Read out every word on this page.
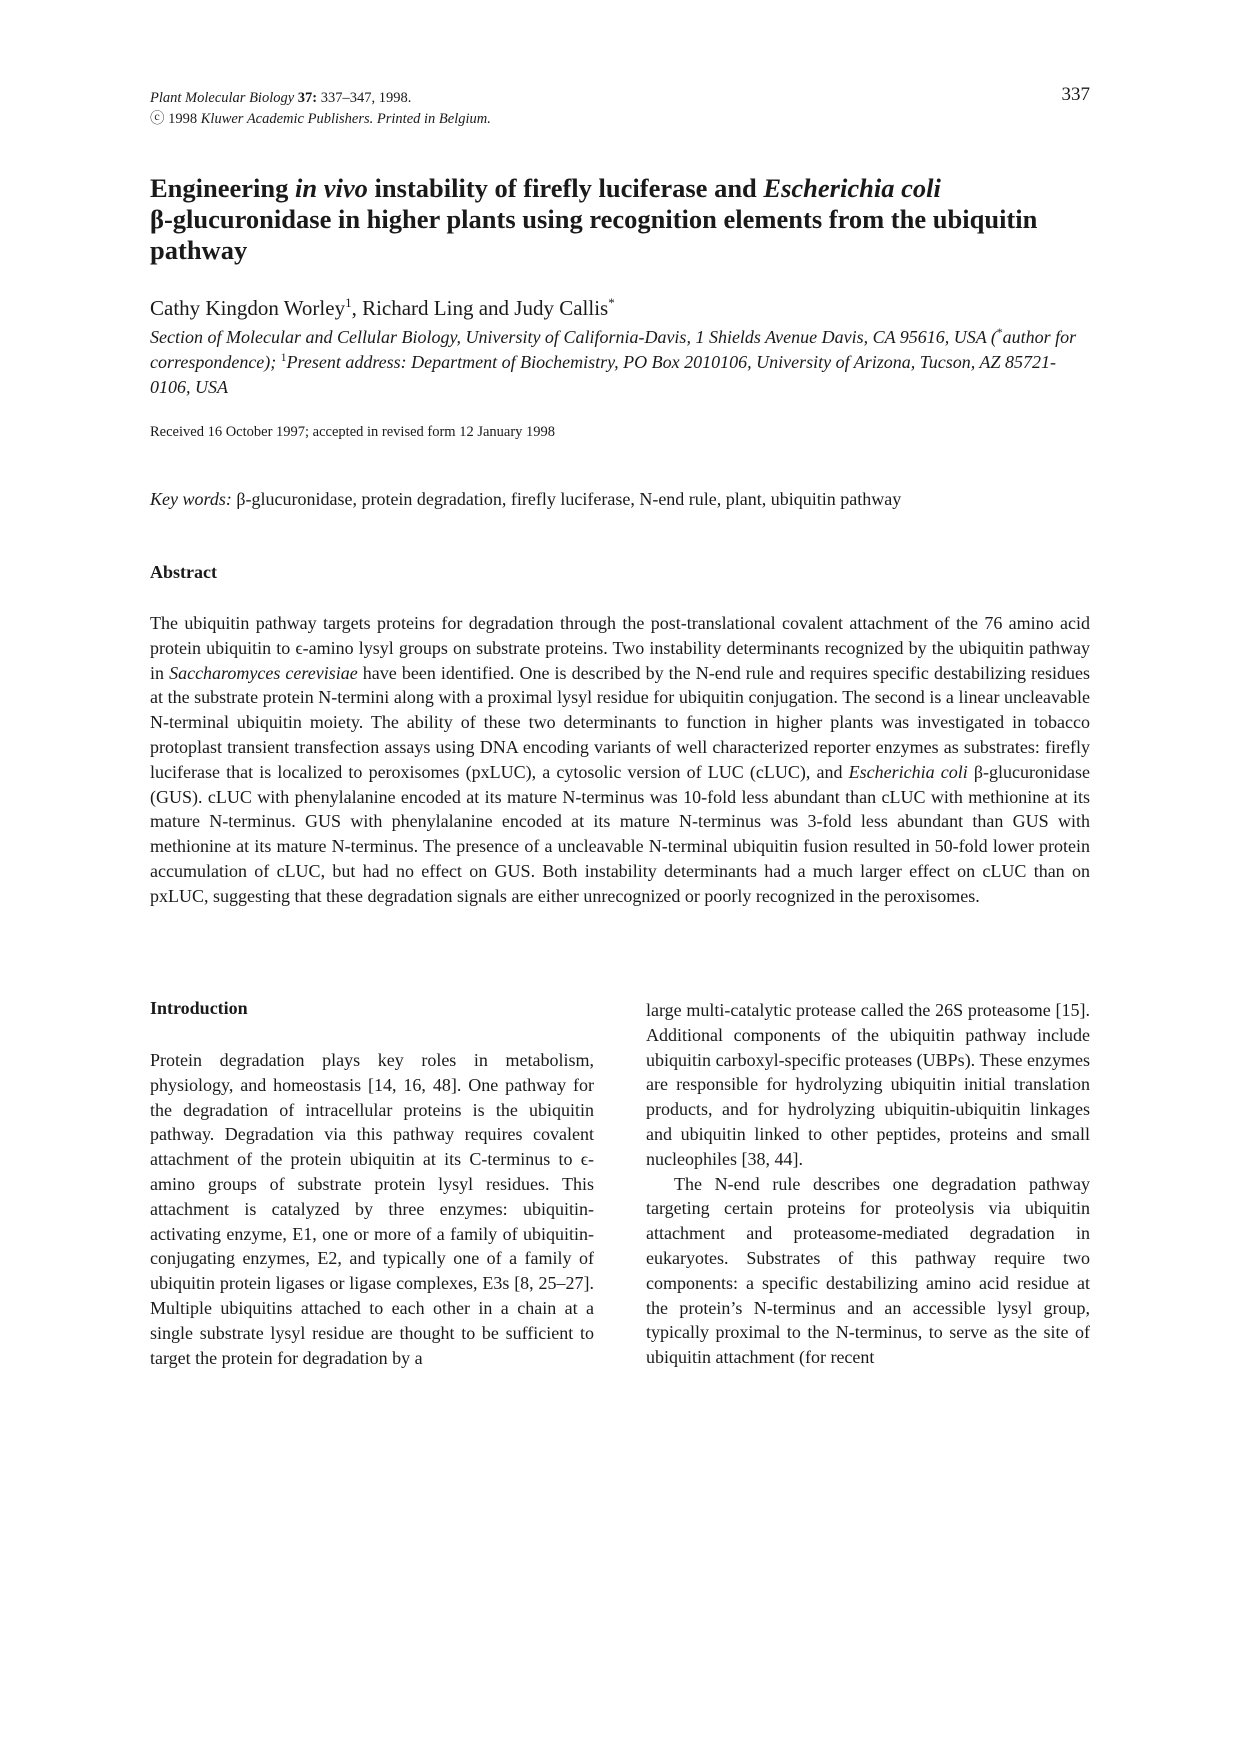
Plant Molecular Biology 37: 337–347, 1998.
ⓒ 1998 Kluwer Academic Publishers. Printed in Belgium.
337
Engineering in vivo instability of firefly luciferase and Escherichia coli
β-glucuronidase in higher plants using recognition elements from the ubiquitin pathway
Cathy Kingdon Worley$^1$, Richard Ling and Judy Callis*
Section of Molecular and Cellular Biology, University of California-Davis, 1 Shields Avenue Davis, CA 95616, USA (*author for correspondence); $^1$Present address: Department of Biochemistry, PO Box 2010106, University of Arizona, Tucson, AZ 85721-0106, USA
Received 16 October 1997; accepted in revised form 12 January 1998
Key words: β-glucuronidase, protein degradation, firefly luciferase, N-end rule, plant, ubiquitin pathway
Abstract
The ubiquitin pathway targets proteins for degradation through the post-translational covalent attachment of the 76 amino acid protein ubiquitin to ϵ-amino lysyl groups on substrate proteins. Two instability determinants recognized by the ubiquitin pathway in Saccharomyces cerevisiae have been identified. One is described by the N-end rule and requires specific destabilizing residues at the substrate protein N-termini along with a proximal lysyl residue for ubiquitin conjugation. The second is a linear uncleavable N-terminal ubiquitin moiety. The ability of these two determinants to function in higher plants was investigated in tobacco protoplast transient transfection assays using DNA encoding variants of well characterized reporter enzymes as substrates: firefly luciferase that is localized to peroxisomes (pxLUC), a cytosolic version of LUC (cLUC), and Escherichia coli β-glucuronidase (GUS). cLUC with phenylalanine encoded at its mature N-terminus was 10-fold less abundant than cLUC with methionine at its mature N-terminus. GUS with phenylalanine encoded at its mature N-terminus was 3-fold less abundant than GUS with methionine at its mature N-terminus. The presence of a uncleavable N-terminal ubiquitin fusion resulted in 50-fold lower protein accumulation of cLUC, but had no effect on GUS. Both instability determinants had a much larger effect on cLUC than on pxLUC, suggesting that these degradation signals are either unrecognized or poorly recognized in the peroxisomes.
Introduction

Protein degradation plays key roles in metabolism, physiology, and homeostasis [14, 16, 48]. One pathway for the degradation of intracellular proteins is the ubiquitin pathway. Degradation via this pathway requires covalent attachment of the protein ubiquitin at its C-terminus to ϵ-amino groups of substrate protein lysyl residues. This attachment is catalyzed by three enzymes: ubiquitin-activating enzyme, E1, one or more of a family of ubiquitin-conjugating enzymes, E2, and typically one of a family of ubiquitin protein ligases or ligase complexes, E3s [8, 25–27]. Multiple ubiquitins attached to each other in a chain at a single substrate lysyl residue are thought to be sufficient to target the protein for degradation by a

large multi-catalytic protease called the 26S proteasome [15]. Additional components of the ubiquitin pathway include ubiquitin carboxyl-specific proteases (UBPs). These enzymes are responsible for hydrolyzing ubiquitin initial translation products, and for hydrolyzing ubiquitin-ubiquitin linkages and ubiquitin linked to other peptides, proteins and small nucleophiles [38, 44].

The N-end rule describes one degradation pathway targeting certain proteins for proteolysis via ubiquitin attachment and proteasome-mediated degradation in eukaryotes. Substrates of this pathway require two components: a specific destabilizing amino acid residue at the protein’s N-terminus and an accessible lysyl group, typically proximal to the N-terminus, to serve as the site of ubiquitin attachment (for recent
